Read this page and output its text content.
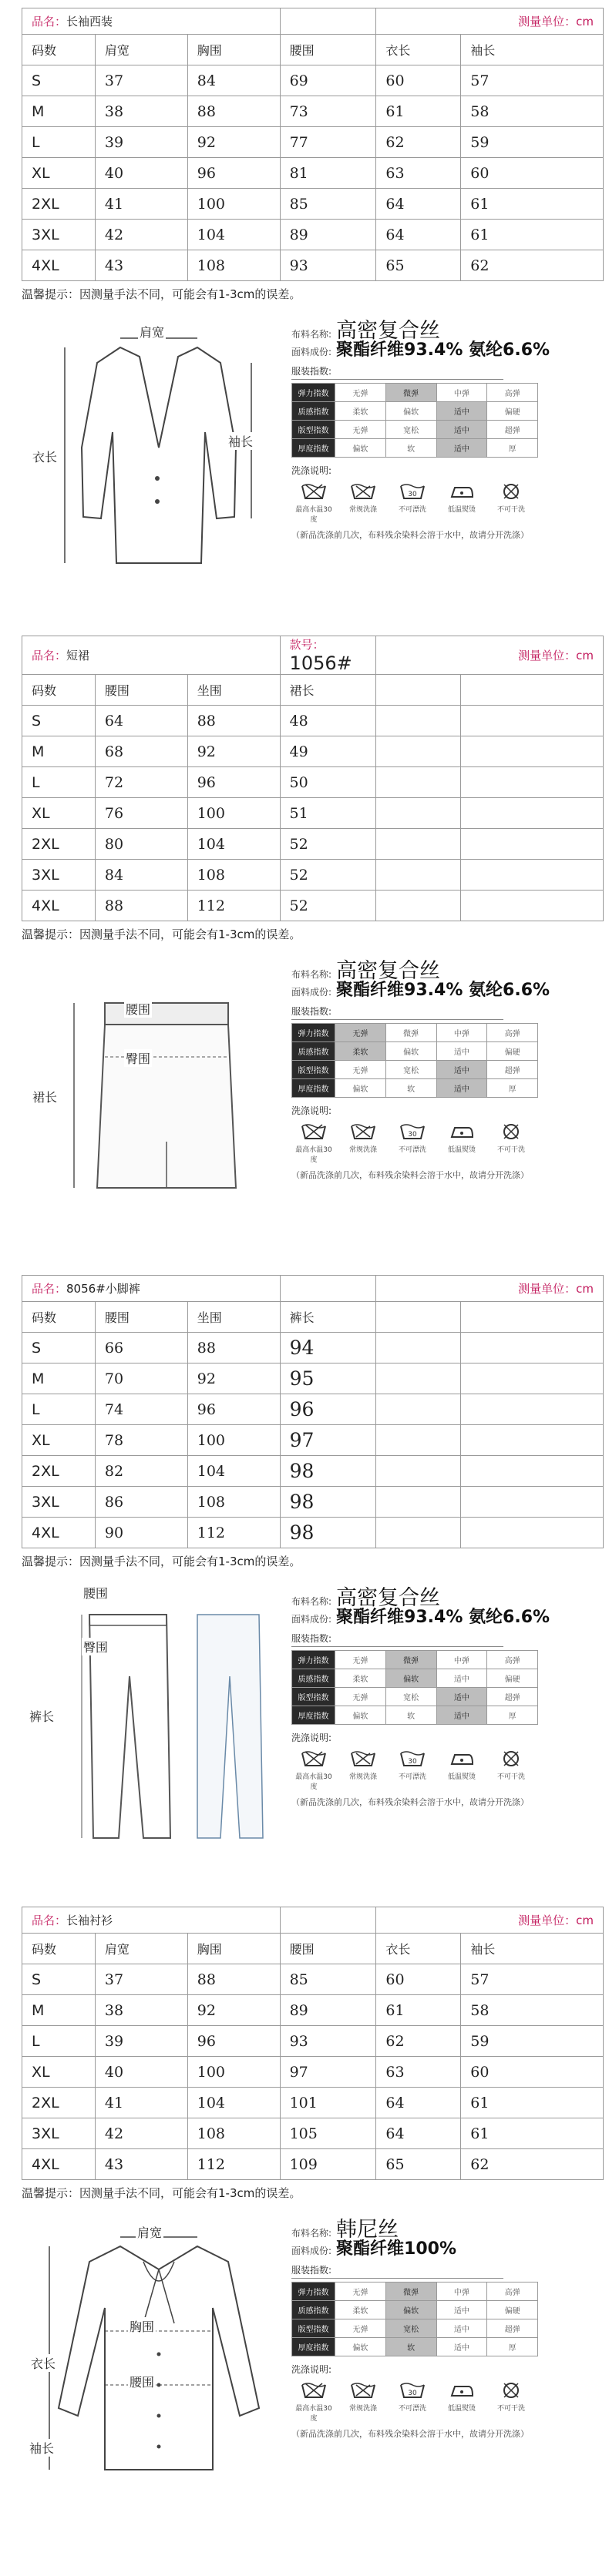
品名：长袖西装				测量单位：cm	
码数	肩宽	胸围	腰围	衣长	袖长
S	37	84	69	60	57
M	38	88	73	61	58
L	39	92	77	62	59
XL	40	96	81	63	60
2XL	41	100	85	64	61
3XL	42	104	89	64	61
4XL	43	108	93	65	62
温馨提示：因测量手法不同，可能会有1-3cm的误差。
肩宽
衣长
袖长
布料名称: 高密复合丝
面料成份: 聚酯纤维93.4% 氨纶6.6%
服装指数:
弹力指数	无弹	微弹	中弹	高弹
质感指数	柔软	偏软	适中	偏硬
版型指数	无弹	宽松	适中	超弹
厚度指数	偏软	软	适中	厚
洗涤说明:
最高水温30度
常规洗涤
30
不可漂洗	低温熨烫	不可干洗
（新品洗涤前几次，布料残余染料会溶于水中，故请分开洗涤）
品名：短裙			款号：1056#	测量单位：cm	
码数	腰围	坐围	裙长		
S	64	88	48		
M	68	92	49		
L	72	96	50		
XL	76	100	51		
2XL	80	104	52		
3XL	84	108	52		
4XL	88	112	52		
温馨提示：因测量手法不同，可能会有1-3cm的误差。
腰围
臀围
裙长
布料名称: 高密复合丝
面料成份: 聚酯纤维93.4% 氨纶6.6%
服装指数:
弹力指数	无弹	微弹	中弹	高弹
质感指数	柔软	偏软	适中	偏硬
版型指数	无弹	宽松	适中	超弹
厚度指数	偏软	软	适中	厚
洗涤说明:
最高水温30度
常规洗涤
30
不可漂洗	低温熨烫	不可干洗
（新品洗涤前几次，布料残余染料会溶于水中，故请分开洗涤）
品名：8056#小脚裤				测量单位：cm	
码数	腰围	坐围	裤长		
S	66	88	94		
M	70	92	95		
L	74	96	96		
XL	78	100	97		
2XL	82	104	98		
3XL	86	108	98		
4XL	90	112	98		
温馨提示：因测量手法不同，可能会有1-3cm的误差。
腰围
臀围
裤长
布料名称: 高密复合丝
面料成份: 聚酯纤维93.4% 氨纶6.6%
服装指数:
弹力指数	无弹	微弹	中弹	高弹
质感指数	柔软	偏软	适中	偏硬
版型指数	无弹	宽松	适中	超弹
厚度指数	偏软	软	适中	厚
洗涤说明:
最高水温30度
常规洗涤
30
不可漂洗	低温熨烫	不可干洗
（新品洗涤前几次，布料残余染料会溶于水中，故请分开洗涤）
品名：长袖衬衫				测量单位：cm	
码数	肩宽	胸围	腰围	衣长	袖长
S	37	88	85	60	57
M	38	92	89	61	58
L	39	96	93	62	59
XL	40	100	97	63	60
2XL	41	104	101	64	61
3XL	42	108	105	64	61
4XL	43	112	109	65	62
温馨提示：因测量手法不同，可能会有1-3cm的误差。
肩宽
胸围
腰围
衣长
袖长
布料名称: 韩尼丝
面料成份: 聚酯纤维100%
服装指数:
弹力指数	无弹	微弹	中弹	高弹
质感指数	柔软	偏软	适中	偏硬
版型指数	无弹	宽松	适中	超弹
厚度指数	偏软	软	适中	厚
洗涤说明:
最高水温30度
常规洗涤
30
不可漂洗	低温熨烫	不可干洗
（新品洗涤前几次，布料残余染料会溶于水中，故请分开洗涤）
